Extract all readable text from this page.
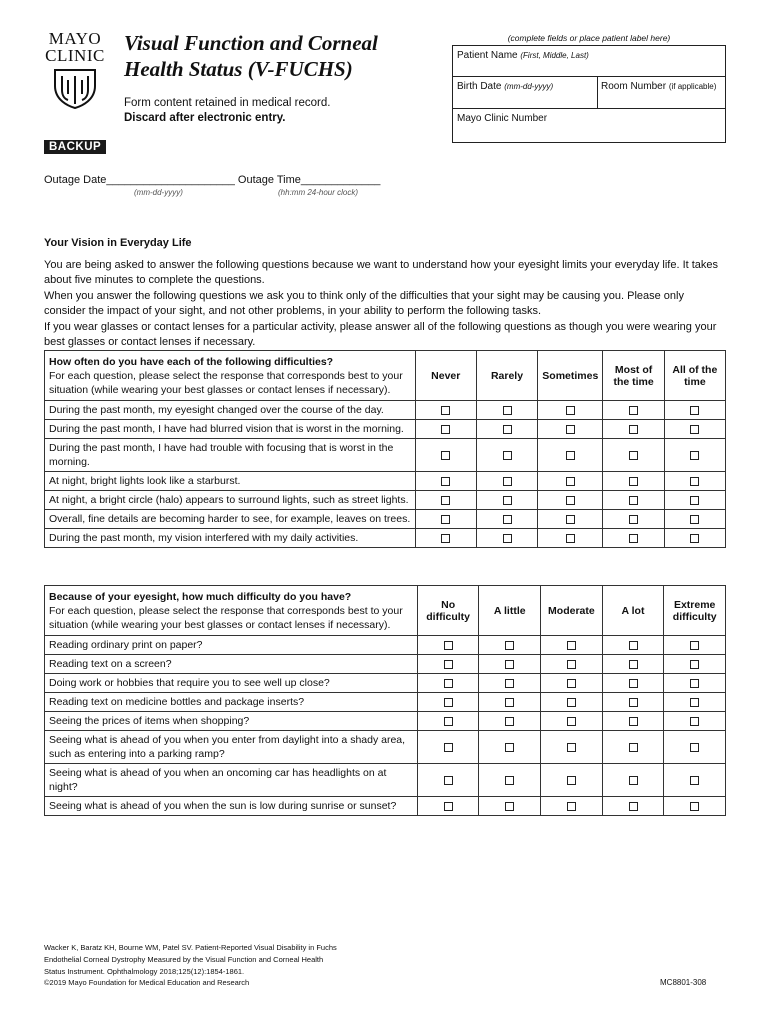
MAYO
CLINIC
Visual Function and Corneal
Health Status (V-FUCHS)
Form content retained in medical record.
Discard after electronic entry.
(complete fields or place patient label here)
Patient Name (First, Middle, Last)
Birth Date (mm-dd-yyyy)	Room Number (if applicable)
Mayo Clinic Number
BACKUP
Outage Date_____________________ Outage Time_____________
(mm-dd-yyyy)	(hh:mm 24-hour clock)
Your Vision in Everyday Life

You are being asked to answer the following questions because we want to understand how your eyesight limits your everyday life. It takes about five minutes to complete the questions.

When you answer the following questions we ask you to think only of the difficulties that your sight may be causing you. Please only consider the impact of your sight, and not other problems, in your ability to perform the following tasks.

If you wear glasses or contact lenses for a particular activity, please answer all of the following questions as though you were wearing your best glasses or contact lenses if necessary.

How often do you have each of the following difficulties?
For each question, please select the response that corresponds best to your situation (while wearing your best glasses or contact lenses if necessary).	Never	Rarely	Sometimes	Most of the time	All of the time
During the past month, my eyesight changed over the course of the day.					
During the past month, I have had blurred vision that is worst in the morning.					
During the past month, I have had trouble with focusing that is worst in the morning.					
At night, bright lights look like a starburst.					
At night, a bright circle (halo) appears to surround lights, such as street lights.					
Overall, fine details are becoming harder to see, for example, leaves on trees.					
During the past month, my vision interfered with my daily activities.					
Because of your eyesight, how much difficulty do you have?
For each question, please select the response that corresponds best to your situation (while wearing your best glasses or contact lenses if necessary).	No difficulty	A little	Moderate	A lot	Extreme difficulty
Reading ordinary print on paper?					
Reading text on a screen?					
Doing work or hobbies that require you to see well up close?					
Reading text on medicine bottles and package inserts?					
Seeing the prices of items when shopping?					
Seeing what is ahead of you when you enter from daylight into a shady area, such as entering into a parking ramp?					
Seeing what is ahead of you when an oncoming car has headlights on at night?					
Seeing what is ahead of you when the sun is low during sunrise or sunset?					
Wacker K, Baratz KH, Bourne WM, Patel SV. Patient-Reported Visual Disability in Fuchs Endothelial Corneal Dystrophy Measured by the Visual Function and Corneal Health Status Instrument. Ophthalmology 2018;125(12):1854-1861.
©2019 Mayo Foundation for Medical Education and Research	MC8801-308
